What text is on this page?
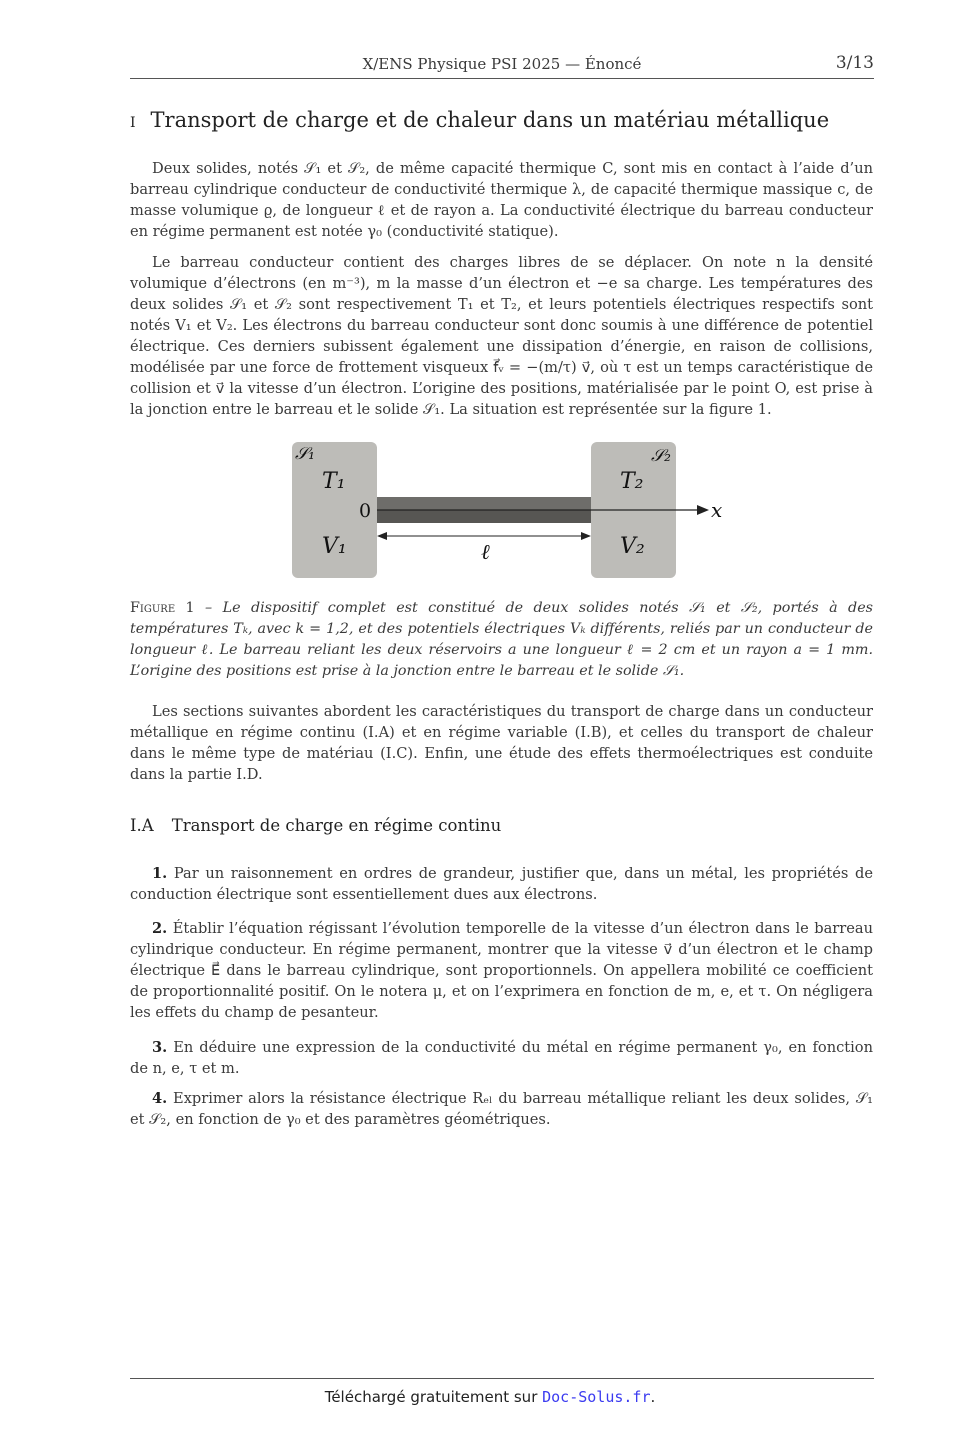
X/ENS Physique PSI 2025 — Énoncé	3/13
I Transport de charge et de chaleur dans un matériau métallique

Deux solides, notés 𝒮₁ et 𝒮₂, de même capacité thermique C, sont mis en contact à l’aide d’un barreau cylindrique conducteur de conductivité thermique λ, de capacité thermique massique c, de masse volumique ϱ, de longueur ℓ et de rayon a. La conductivité électrique du barreau conducteur en régime permanent est notée γ₀ (conductivité statique).

Le barreau conducteur contient des charges libres de se déplacer. On note n la densité volumique d’électrons (en m⁻³), m la masse d’un électron et −e sa charge. Les températures des deux solides 𝒮₁ et 𝒮₂ sont respectivement T₁ et T₂, et leurs potentiels électriques respectifs sont notés V₁ et V₂. Les électrons du barreau conducteur sont donc soumis à une différence de potentiel électrique. Ces derniers subissent également une dissipation d’énergie, en raison de collisions, modélisée par une force de frottement visqueux f⃗ᵥ = −(m/τ) v⃗, où τ est un temps caractéristique de collision et v⃗ la vitesse d’un électron. L’origine des positions, matérialisée par le point O, est prise à la jonction entre le barreau et le solide 𝒮₁. La situation est représentée sur la figure 1.

𝒮₁	𝒮₂
T₁	T₂
V₁	V₂
0	x
ℓ

Figure 1 – Le dispositif complet est constitué de deux solides notés 𝒮₁ et 𝒮₂, portés à des températures Tₖ, avec k = 1,2, et des potentiels électriques Vₖ différents, reliés par un conducteur de longueur ℓ. Le barreau reliant les deux réservoirs a une longueur ℓ = 2 cm et un rayon a = 1 mm. L’origine des positions est prise à la jonction entre le barreau et le solide 𝒮₁.

Les sections suivantes abordent les caractéristiques du transport de charge dans un conducteur métallique en régime continu (I.A) et en régime variable (I.B), et celles du transport de chaleur dans le même type de matériau (I.C). Enfin, une étude des effets thermoélectriques est conduite dans la partie I.D.

I.A Transport de charge en régime continu

1. Par un raisonnement en ordres de grandeur, justifier que, dans un métal, les propriétés de conduction électrique sont essentiellement dues aux électrons.

2. Établir l’équation régissant l’évolution temporelle de la vitesse d’un électron dans le barreau cylindrique conducteur. En régime permanent, montrer que la vitesse v⃗ d’un électron et le champ électrique E⃗ dans le barreau cylindrique, sont proportionnels. On appellera mobilité ce coefficient de proportionnalité positif. On le notera μ, et on l’exprimera en fonction de m, e, et τ. On négligera les effets du champ de pesanteur.

3. En déduire une expression de la conductivité du métal en régime permanent γ₀, en fonction de n, e, τ et m.

4. Exprimer alors la résistance électrique Rₑₗ du barreau métallique reliant les deux solides, 𝒮₁ et 𝒮₂, en fonction de γ₀ et des paramètres géométriques.

Téléchargé gratuitement sur Doc-Solus.fr.
